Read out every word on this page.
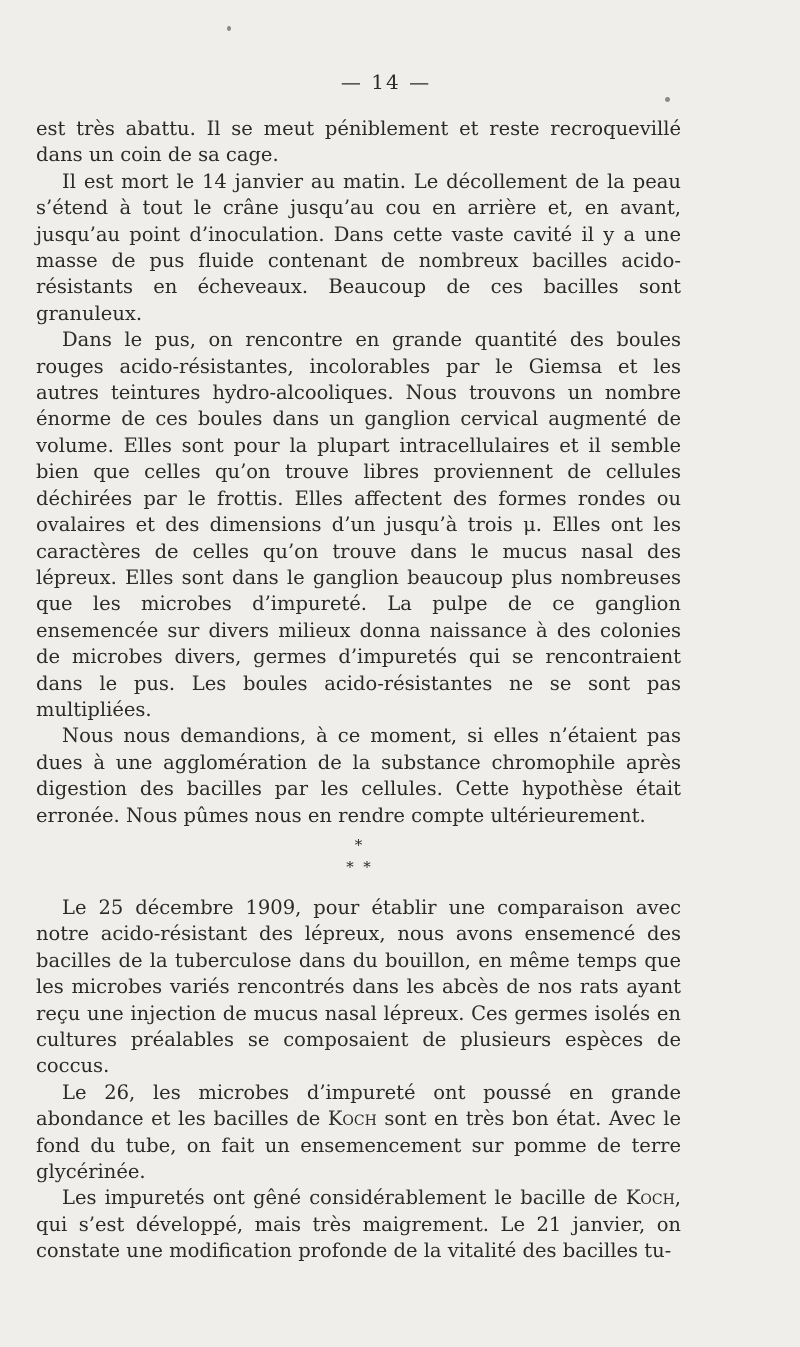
— 14 —

est très abattu. Il se meut péniblement et reste recroquevillé dans un coin de sa cage.

Il est mort le 14 janvier au matin. Le décollement de la peau s’étend à tout le crâne jusqu’au cou en arrière et, en avant, jusqu’au point d’inoculation. Dans cette vaste cavité il y a une masse de pus fluide contenant de nombreux bacilles acido-résistants en écheveaux. Beaucoup de ces bacilles sont granuleux.

Dans le pus, on rencontre en grande quantité des boules rouges acido-résistantes, incolorables par le Giemsa et les autres teintures hydro-alcooliques. Nous trouvons un nombre énorme de ces boules dans un ganglion cervical augmenté de volume. Elles sont pour la plupart intracellulaires et il semble bien que celles qu’on trouve libres proviennent de cellules déchirées par le frottis. Elles affectent des formes rondes ou ovalaires et des dimensions d’un jusqu’à trois μ. Elles ont les caractères de celles qu’on trouve dans le mucus nasal des lépreux. Elles sont dans le ganglion beaucoup plus nombreuses que les microbes d’impureté. La pulpe de ce ganglion ensemencée sur divers milieux donna naissance à des colonies de microbes divers, germes d’impuretés qui se rencontraient dans le pus. Les boules acido-résistantes ne se sont pas multipliées.

Nous nous demandions, à ce moment, si elles n’étaient pas dues à une agglomération de la substance chromophile après digestion des bacilles par les cellules. Cette hypothèse était erronée. Nous pûmes nous en rendre compte ultérieurement.

*
*  *

Le 25 décembre 1909, pour établir une comparaison avec notre acido-résistant des lépreux, nous avons ensemencé des bacilles de la tuberculose dans du bouillon, en même temps que les microbes variés rencontrés dans les abcès de nos rats ayant reçu une injection de mucus nasal lépreux. Ces germes isolés en cultures préalables se composaient de plusieurs espèces de coccus.

Le 26, les microbes d’impureté ont poussé en grande abondance et les bacilles de Koch sont en très bon état. Avec le fond du tube, on fait un ensemencement sur pomme de terre glycérinée.

Les impuretés ont gêné considérablement le bacille de Koch, qui s’est développé, mais très maigrement. Le 21 janvier, on constate une modification profonde de la vitalité des bacilles tu-
